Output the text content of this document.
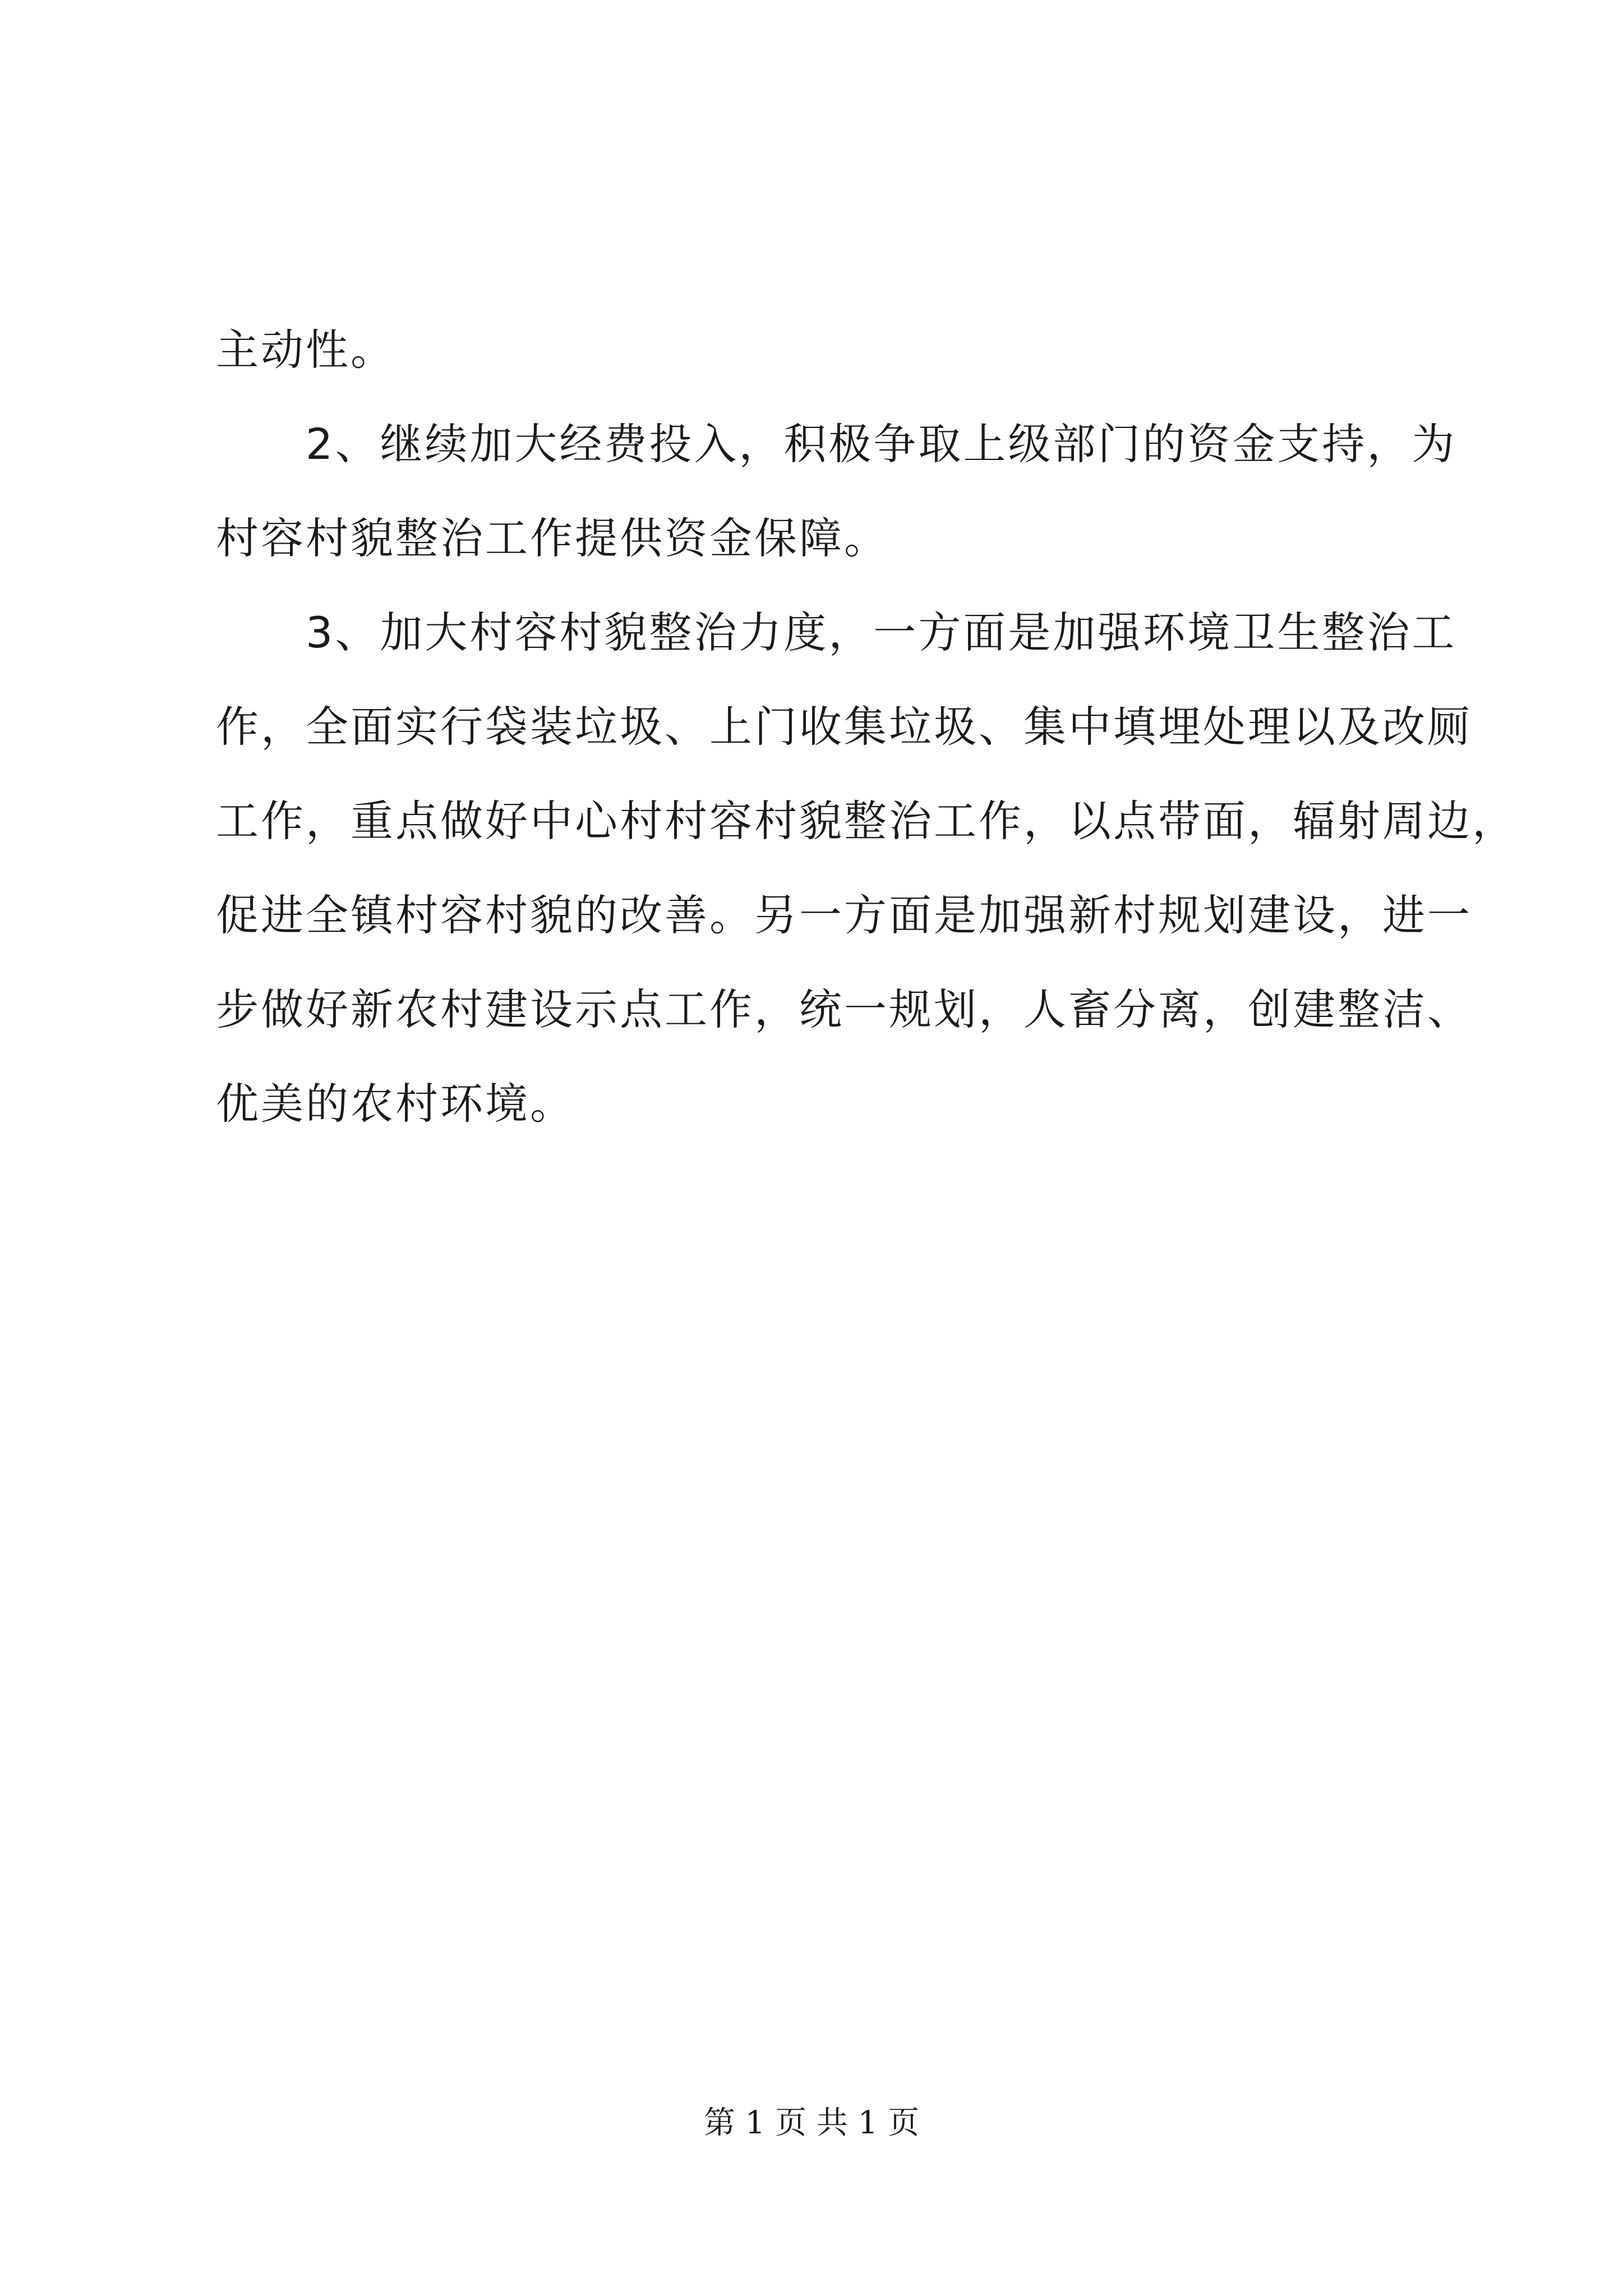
主动性。
2、继续加大经费投入，积极争取上级部门的资金支持，为
村容村貌整治工作提供资金保障。
3、加大村容村貌整治力度，一方面是加强环境卫生整治工
作，全面实行袋装垃圾、上门收集垃圾、集中填埋处理以及改厕
工作，重点做好中心村村容村貌整治工作，以点带面，辐射周边，
促进全镇村容村貌的改善。另一方面是加强新村规划建设，进一
步做好新农村建设示点工作，统一规划，人畜分离，创建整洁、
优美的农村环境。
第 1 页 共 1 页
